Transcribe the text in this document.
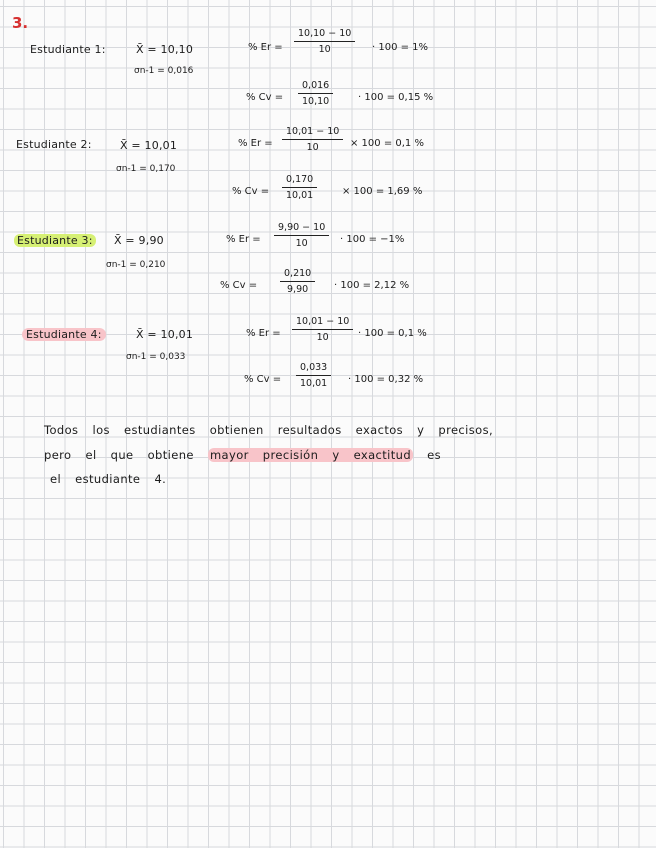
3.
Estudiante 1:	X̄ = 10,10
σn-1 = 0,016
% Er =
10,10 − 10
10	· 100 = 1%
% Cv =
0,016
10,10	· 100 = 0,15 %
Estudiante 2:	X̄ = 10,01
σn-1 = 0,170
% Er =
10,01 − 10
10	× 100 = 0,1 %
% Cv =
0,170
10,01	× 100 = 1,69 %
Estudiante 3: X̄ = 9,90
σn-1 = 0,210
% Er =
9,90 − 10
10	· 100 = −1%
% Cv =
0,210
9,90	· 100 = 2,12 %
Estudiante 4:	X̄ = 10,01
σn-1 = 0,033
% Er =
10,01 − 10
10	· 100 = 0,1 %
% Cv =
0,033
10,01	· 100 = 0,32 %
Todos los estudiantes obtienen resultados exactos y precisos,
pero el que obtiene mayor precisión y exactitud es
el estudiante 4.
